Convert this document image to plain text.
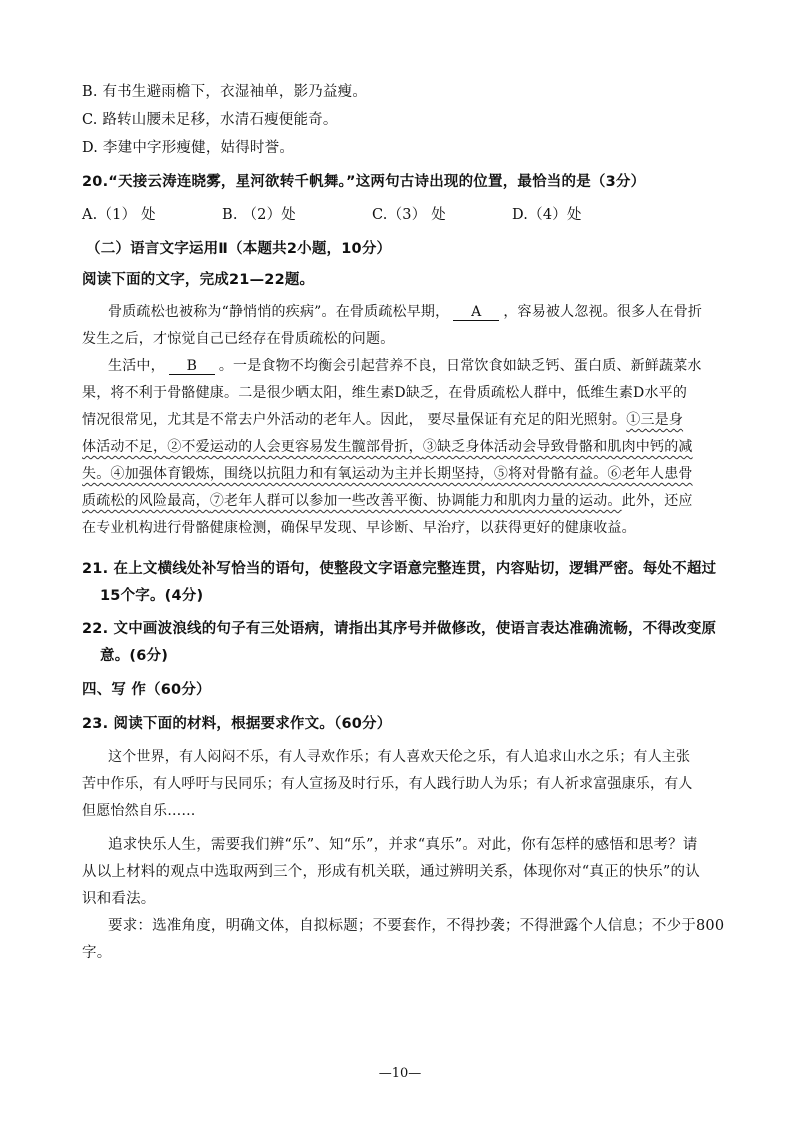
B. 有书生避雨檐下，衣湿袖单，影乃益瘦。
C. 路转山腰未足移，水清石瘦便能奇。
D. 李建中字形瘦健，姑得时誉。
20.“天接云涛连晓雾，星河欲转千帆舞。”这两句古诗出现的位置，最恰当的是（3分）
A.（1） 处	B. （2）处	C.（3） 处	D.（4）处
（二）语言文字运用Ⅱ（本题共2小题，10分）
阅读下面的文字，完成21—22题。
骨质疏松也被称为“静悄悄的疾病”。在骨质疏松早期， A ，容易被人忽视。很多人在骨折
发生之后，才惊觉自己已经存在骨质疏松的问题。
生活中， B 。一是食物不均衡会引起营养不良，日常饮食如缺乏钙、蛋白质、新鲜蔬菜水
果，将不利于骨骼健康。二是很少晒太阳，维生素D缺乏，在骨质疏松人群中，低维生素D水平的
情况很常见，尤其是不常去户外活动的老年人。因此， 要尽量保证有充足的阳光照射。①三是身
体活动不足，②不爱运动的人会更容易发生髋部骨折，③缺乏身体活动会导致骨骼和肌肉中钙的减
失。④加强体育锻炼，围绕以抗阻力和有氧运动为主并长期坚持，⑤将对骨骼有益。⑥老年人患骨
质疏松的风险最高，⑦老年人群可以参加一些改善平衡、协调能力和肌肉力量的运动。此外，还应
在专业机构进行骨骼健康检测，确保早发现、早诊断、早治疗，以获得更好的健康收益。
21. 在上文横线处补写恰当的语句，使整段文字语意完整连贯，内容贴切，逻辑严密。每处不超过
15个字。(4分)
22. 文中画波浪线的句子有三处语病，请指出其序号并做修改，使语言表达准确流畅，不得改变原
意。(6分)
四、写 作（60分）
23. 阅读下面的材料，根据要求作文。（60分）
这个世界，有人闷闷不乐，有人寻欢作乐；有人喜欢天伦之乐，有人追求山水之乐；有人主张
苦中作乐，有人呼吁与民同乐；有人宣扬及时行乐，有人践行助人为乐；有人祈求富强康乐，有人
但愿怡然自乐……
追求快乐人生，需要我们辨“乐”、知“乐”，并求“真乐”。对此，你有怎样的感悟和思考？请
从以上材料的观点中选取两到三个，形成有机关联，通过辨明关系，体现你对“真正的快乐”的认
识和看法。
要求：选准角度，明确文体，自拟标题；不要套作，不得抄袭；不得泄露个人信息；不少于800
字。
—10—
